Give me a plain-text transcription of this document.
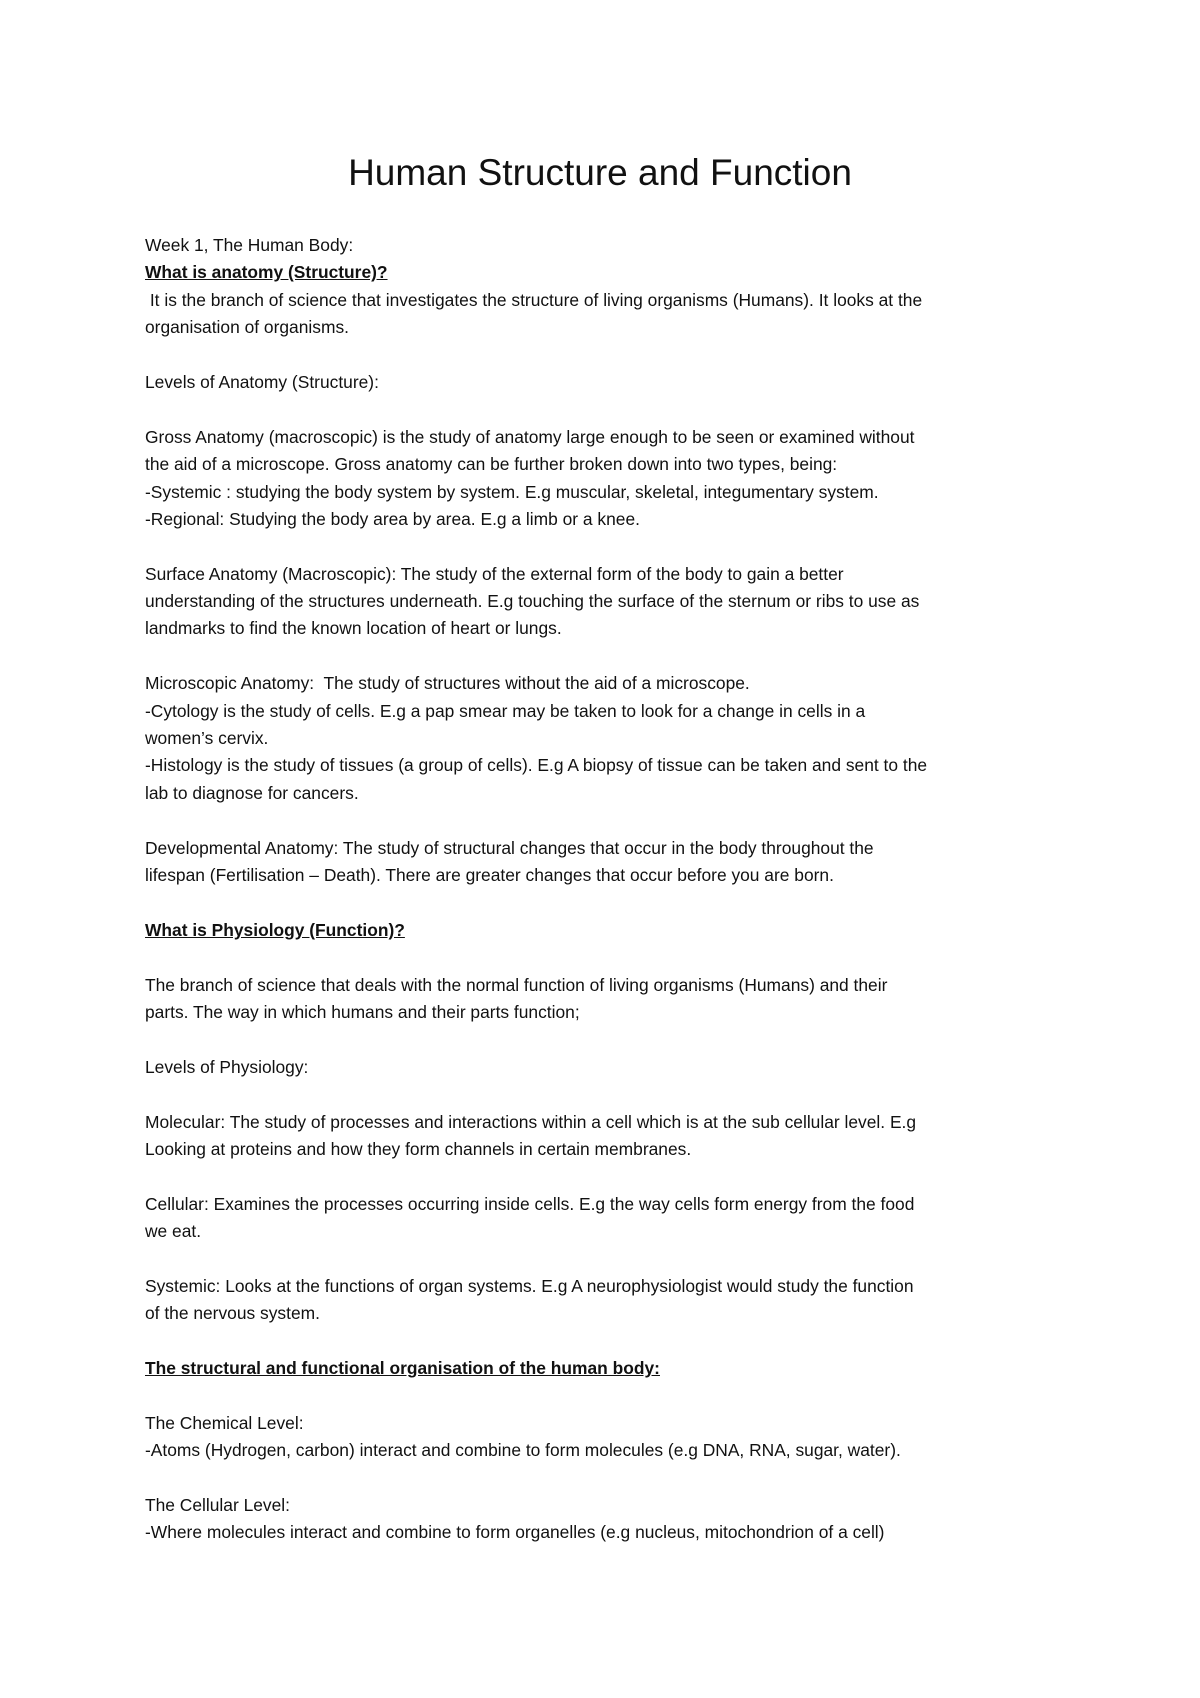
Human Structure and Function
Week 1, The Human Body:
What is anatomy (Structure)?
It is the branch of science that investigates the structure of living organisms (Humans). It looks at the
organisation of organisms.
Levels of Anatomy (Structure):
Gross Anatomy (macroscopic) is the study of anatomy large enough to be seen or examined without
the aid of a microscope. Gross anatomy can be further broken down into two types, being:
-Systemic : studying the body system by system. E.g muscular, skeletal, integumentary system.
-Regional: Studying the body area by area. E.g a limb or a knee.
Surface Anatomy (Macroscopic): The study of the external form of the body to gain a better
understanding of the structures underneath. E.g touching the surface of the sternum or ribs to use as
landmarks to find the known location of heart or lungs.
Microscopic Anatomy:  The study of structures without the aid of a microscope.
-Cytology is the study of cells. E.g a pap smear may be taken to look for a change in cells in a
women’s cervix.
-Histology is the study of tissues (a group of cells). E.g A biopsy of tissue can be taken and sent to the
lab to diagnose for cancers.
Developmental Anatomy: The study of structural changes that occur in the body throughout the
lifespan (Fertilisation – Death). There are greater changes that occur before you are born.
What is Physiology (Function)?
The branch of science that deals with the normal function of living organisms (Humans) and their
parts. The way in which humans and their parts function;
Levels of Physiology:
Molecular: The study of processes and interactions within a cell which is at the sub cellular level. E.g
Looking at proteins and how they form channels in certain membranes.
Cellular: Examines the processes occurring inside cells. E.g the way cells form energy from the food
we eat.
Systemic: Looks at the functions of organ systems. E.g A neurophysiologist would study the function
of the nervous system.
The structural and functional organisation of the human body:
The Chemical Level:
-Atoms (Hydrogen, carbon) interact and combine to form molecules (e.g DNA, RNA, sugar, water).
The Cellular Level:
-Where molecules interact and combine to form organelles (e.g nucleus, mitochondrion of a cell)
